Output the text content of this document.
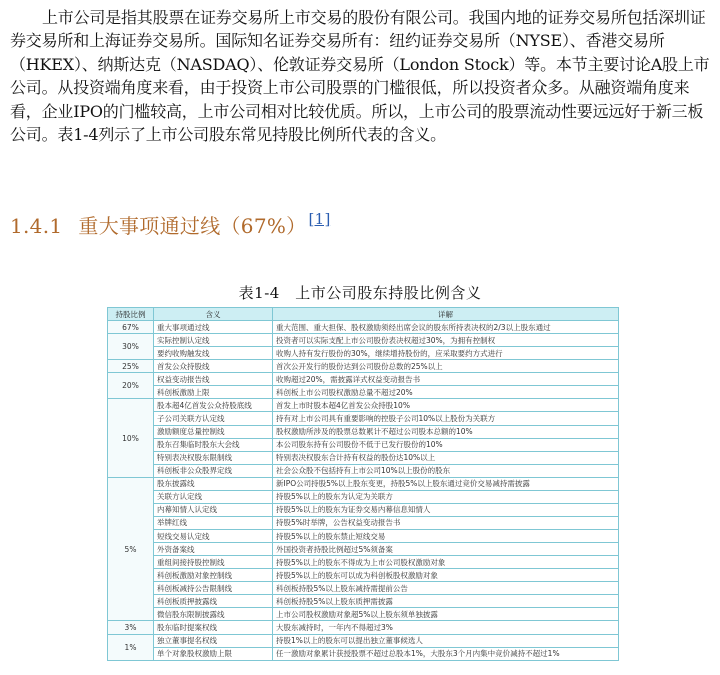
上市公司是指其股票在证券交易所上市交易的股份有限公司。我国内地的证券交易所包括深圳证券交易所和上海证券交易所。国际知名证券交易所有：纽约证券交易所（NYSE）、香港交易所（HKEX）、纳斯达克（NASDAQ）、伦敦证券交易所（London Stock）等。本节主要讨论A股上市公司。从投资端角度来看，由于投资上市公司股票的门槛很低，所以投资者众多。从融资端角度来看，企业IPO的门槛较高，上市公司相对比较优质。所以，上市公司的股票流动性要远远好于新三板公司。表1-4列示了上市公司股东常见持股比例所代表的含义。
1.4.1 重大事项通过线（67%） [1]
表1-4　上市公司股东持股比例含义
持股比例	含义	详解
67%	重大事项通过线	重大范围、重大担保、股权激励须经出席会议的股东所持表决权的2/3以上股东通过
30%	实际控制认定线	投资者可以实际支配上市公司股份表决权超过30%，为拥有控制权
	要约收购触发线	收购人持有发行股份的30%，继续增持股份的，应采取要约方式进行
25%	首发公众持股线	首次公开发行的股份达到公司股份总数的25%以上
20%	权益变动报告线	收购超过20%，需披露详式权益变动报告书
	科创板激励上限	科创板上市公司股权激励总量不超过20%
10%	股本超4亿首发公众持股底线	首发上市时股本超4亿首发公众持股10%
	子公司关联方认定线	持有对上市公司具有重要影响的控股子公司10%以上股份为关联方
	激励额度总量控制线	股权激励所涉及的股票总数累计不超过公司股本总额的10%
	股东召集临时股东大会线	本公司股东持有公司股份不低于已发行股份的10%
	特别表决权股东限制线	特别表决权股东合计持有权益的股份达10%以上
	科创板非公众股界定线	社会公众股不包括持有上市公司10%以上股份的股东
5%	股东披露线	新IPO公司持股5%以上股东变更，持股5%以上股东通过竞价交易减持需披露
	关联方认定线	持股5%以上的股东为认定为关联方
	内幕知情人认定线	持股5%以上的股东为证券交易内幕信息知情人
	举牌红线	持股5%时举牌，公告权益变动报告书
	短线交易认定线	持股5%以上的股东禁止短线交易
	外资备案线	外国投资者持股比例超过5%须备案
	重组间接持股控制线	持股5%以上的股东不得成为上市公司股权激励对象
	科创板激励对象控制线	持股5%以上的股东可以成为科创板股权激励对象
	科创板减持公告限制线	科创板持股5%以上股东减持需提前公告
	科创板质押披露线	科创板持股5%以上股东质押需披露
	微信股东限制披露线	上市公司股权激励对象超5%以上股东须单独披露
3%	股东临时提案权线	大股东减持时，一年内不得超过3%
1%	独立董事提名权线	持股1%以上的股东可以提出独立董事候选人
	单个对象股权激励上限	任一激励对象累计获授股票不超过总股本1%，大股东3个月内集中竞价减持不超过1%
